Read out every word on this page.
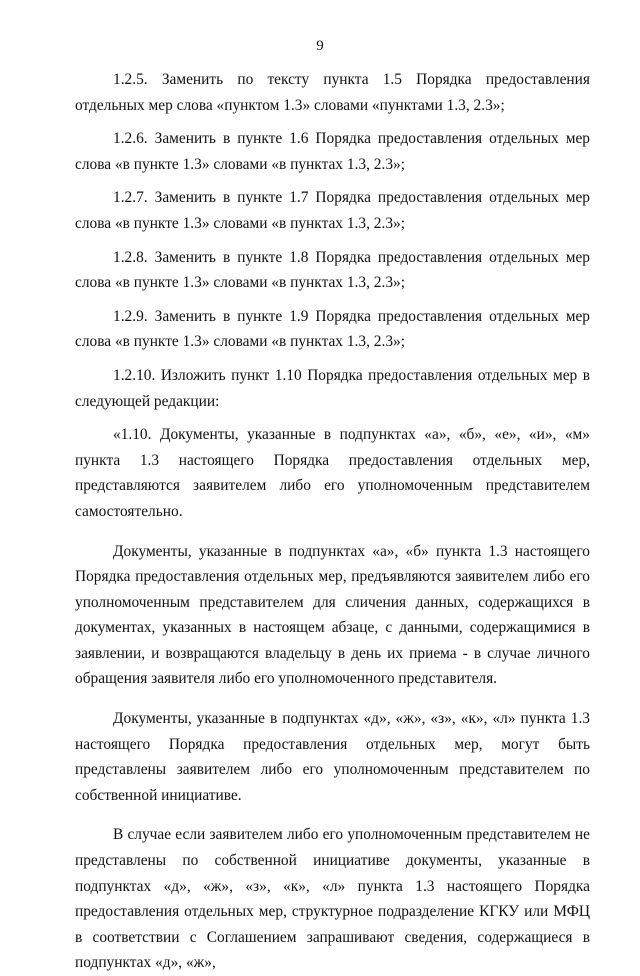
9

1.2.5. Заменить по тексту пункта 1.5 Порядка предоставления отдельных мер слова «пунктом 1.3» словами «пунктами 1.3, 2.3»;

1.2.6. Заменить в пункте 1.6 Порядка предоставления отдельных мер слова «в пункте 1.3» словами «в пунктах 1.3, 2.3»;

1.2.7. Заменить в пункте 1.7 Порядка предоставления отдельных мер слова «в пункте 1.3» словами «в пунктах 1.3, 2.3»;

1.2.8. Заменить в пункте 1.8 Порядка предоставления отдельных мер слова «в пункте 1.3» словами «в пунктах 1.3, 2.3»;

1.2.9. Заменить в пункте 1.9 Порядка предоставления отдельных мер слова «в пункте 1.3» словами «в пунктах 1.3, 2.3»;

1.2.10. Изложить пункт 1.10 Порядка предоставления отдельных мер в следующей редакции:

«1.10. Документы, указанные в подпунктах «а», «б», «е», «и», «м» пункта 1.3 настоящего Порядка предоставления отдельных мер, представляются заявителем либо его уполномоченным представителем самостоятельно.

Документы, указанные в подпунктах «а», «б» пункта 1.3 настоящего Порядка предоставления отдельных мер, предъявляются заявителем либо его уполномоченным представителем для сличения данных, содержащихся в документах, указанных в настоящем абзаце, с данными, содержащимися в заявлении, и возвращаются владельцу в день их приема - в случае личного обращения заявителя либо его уполномоченного представителя.

Документы, указанные в подпунктах «д», «ж», «з», «к», «л» пункта 1.3 настоящего Порядка предоставления отдельных мер, могут быть представлены заявителем либо его уполномоченным представителем по собственной инициативе.

В случае если заявителем либо его уполномоченным представителем не представлены по собственной инициативе документы, указанные в подпунктах «д», «ж», «з», «к», «л» пункта 1.3 настоящего Порядка предоставления отдельных мер, структурное подразделение КГКУ или МФЦ в соответствии с Соглашением запрашивают сведения, содержащиеся в подпунктах «д», «ж»,
